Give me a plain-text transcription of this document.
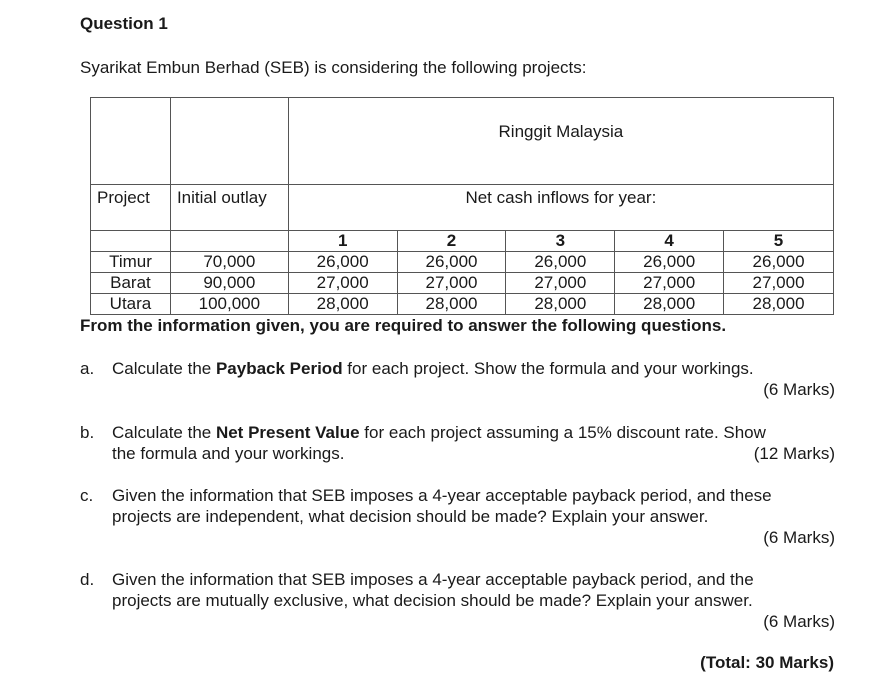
Question 1
Syarikat Embun Berhad (SEB) is considering the following projects:
		Ringgit Malaysia				
Project	Initial outlay	Net cash inflows for year:				
		1	2	3	4	5
Timur	70,000	26,000	26,000	26,000	26,000	26,000
Barat	90,000	27,000	27,000	27,000	27,000	27,000
Utara	100,000	28,000	28,000	28,000	28,000	28,000
From the information given, you are required to answer the following questions.
a. Calculate the Payback Period for each project. Show the formula and your workings.
(6 Marks)
b. Calculate the Net Present Value for each project assuming a 15% discount rate. Show
the formula and your workings.	(12 Marks)
c. Given the information that SEB imposes a 4-year acceptable payback period, and these
projects are independent, what decision should be made? Explain your answer.
(6 Marks)
d. Given the information that SEB imposes a 4-year acceptable payback period, and the
projects are mutually exclusive, what decision should be made? Explain your answer.
(6 Marks)
(Total: 30 Marks)
